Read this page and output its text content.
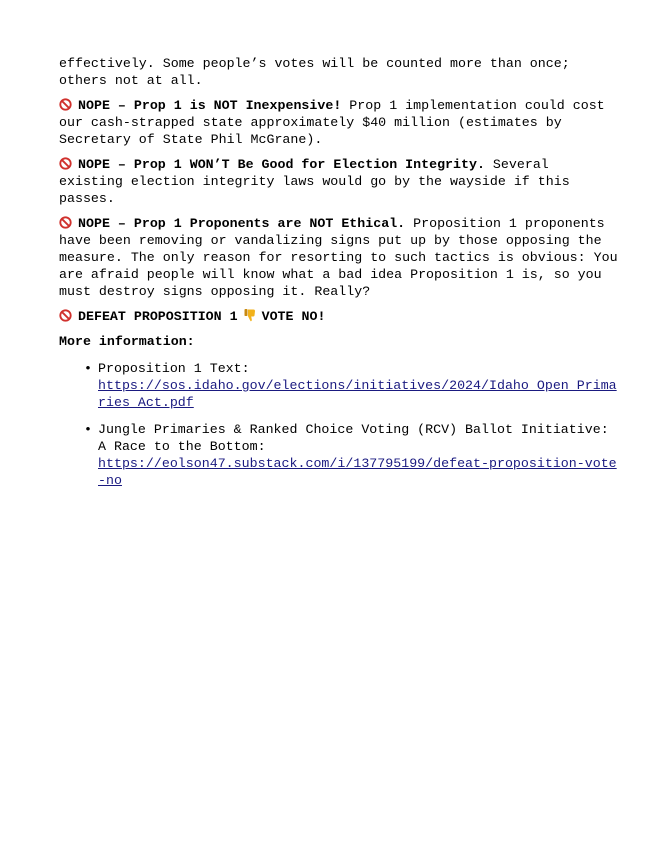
effectively. Some people’s votes will be counted more than once; others not at all.

NOPE – Prop 1 is NOT Inexpensive! Prop 1 implementation could cost our cash-strapped state approximately $40 million (estimates by Secretary of State Phil McGrane).

NOPE – Prop 1 WON’T Be Good for Election Integrity. Several existing election integrity laws would go by the wayside if this passes.

NOPE – Prop 1 Proponents are NOT Ethical. Proposition 1 proponents have been removing or vandalizing signs put up by those opposing the measure. The only reason for resorting to such tactics is obvious: You are afraid people will know what a bad idea Proposition 1 is, so you must destroy signs opposing it. Really?

DEFEAT PROPOSITION 1 VOTE NO!

More information:

• Proposition 1 Text:
https://sos.idaho.gov/elections/initiatives/2024/Idaho_Open_Primaries_Act.pdf
• Jungle Primaries & Ranked Choice Voting (RCV) Ballot Initiative: A Race to the Bottom:
https://eolson47.substack.com/i/137795199/defeat-proposition-vote-no
